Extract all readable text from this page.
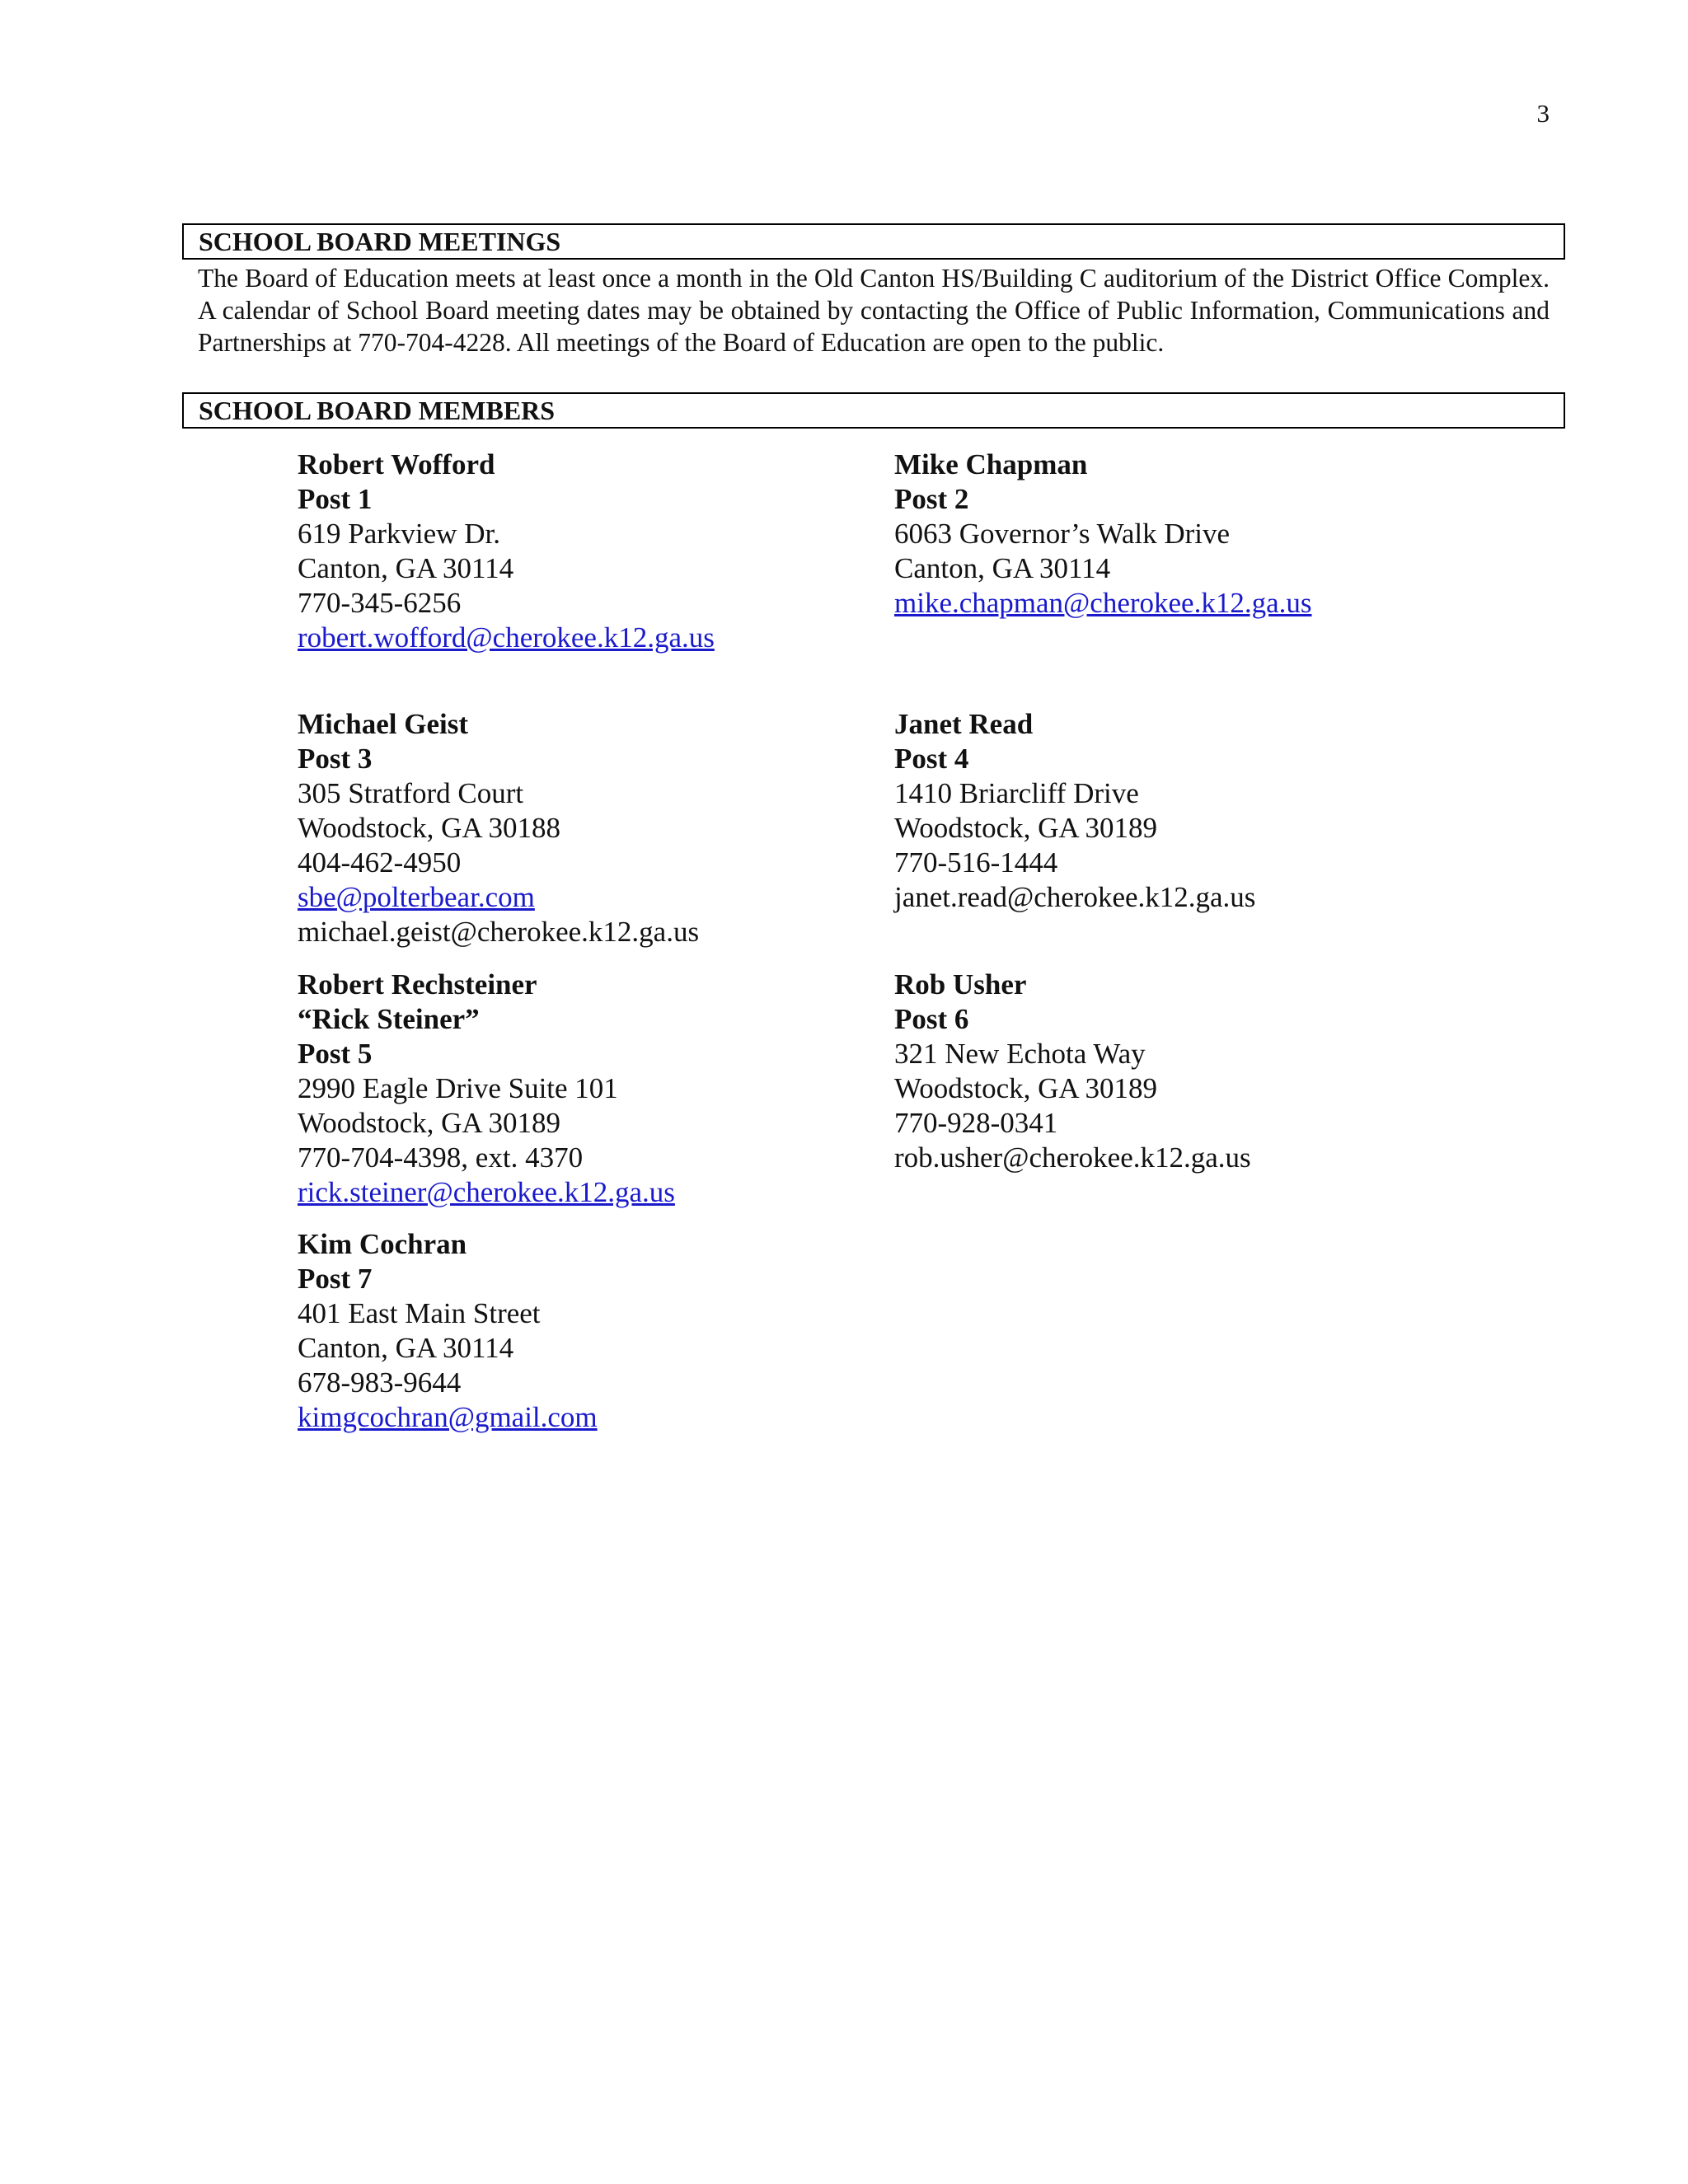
3
SCHOOL BOARD MEETINGS
The Board of Education meets at least once a month in the Old Canton HS/Building C auditorium of the District Office Complex. A calendar of School Board meeting dates may be obtained by contacting the Office of Public Information, Communications and Partnerships at 770-704-4228. All meetings of the Board of Education are open to the public.
SCHOOL BOARD MEMBERS
Robert Wofford
Post 1
619 Parkview Dr.
Canton, GA 30114
770-345-6256
robert.wofford@cherokee.k12.ga.us
Mike Chapman
Post 2
6063 Governor’s Walk Drive
Canton, GA 30114
mike.chapman@cherokee.k12.ga.us
Michael Geist
Post 3
305 Stratford Court
Woodstock, GA 30188
404-462-4950
sbe@polterbear.com
michael.geist@cherokee.k12.ga.us
Janet Read
Post 4
1410 Briarcliff Drive
Woodstock, GA 30189
770-516-1444
janet.read@cherokee.k12.ga.us
Robert Rechsteiner
“Rick Steiner”
Post 5
2990 Eagle Drive Suite 101
Woodstock, GA 30189
770-704-4398, ext. 4370
rick.steiner@cherokee.k12.ga.us
Rob Usher
Post 6
321 New Echota Way
Woodstock, GA 30189
770-928-0341
rob.usher@cherokee.k12.ga.us
Kim Cochran
Post 7
401 East Main Street
Canton, GA 30114
678-983-9644
kimgcochran@gmail.com
